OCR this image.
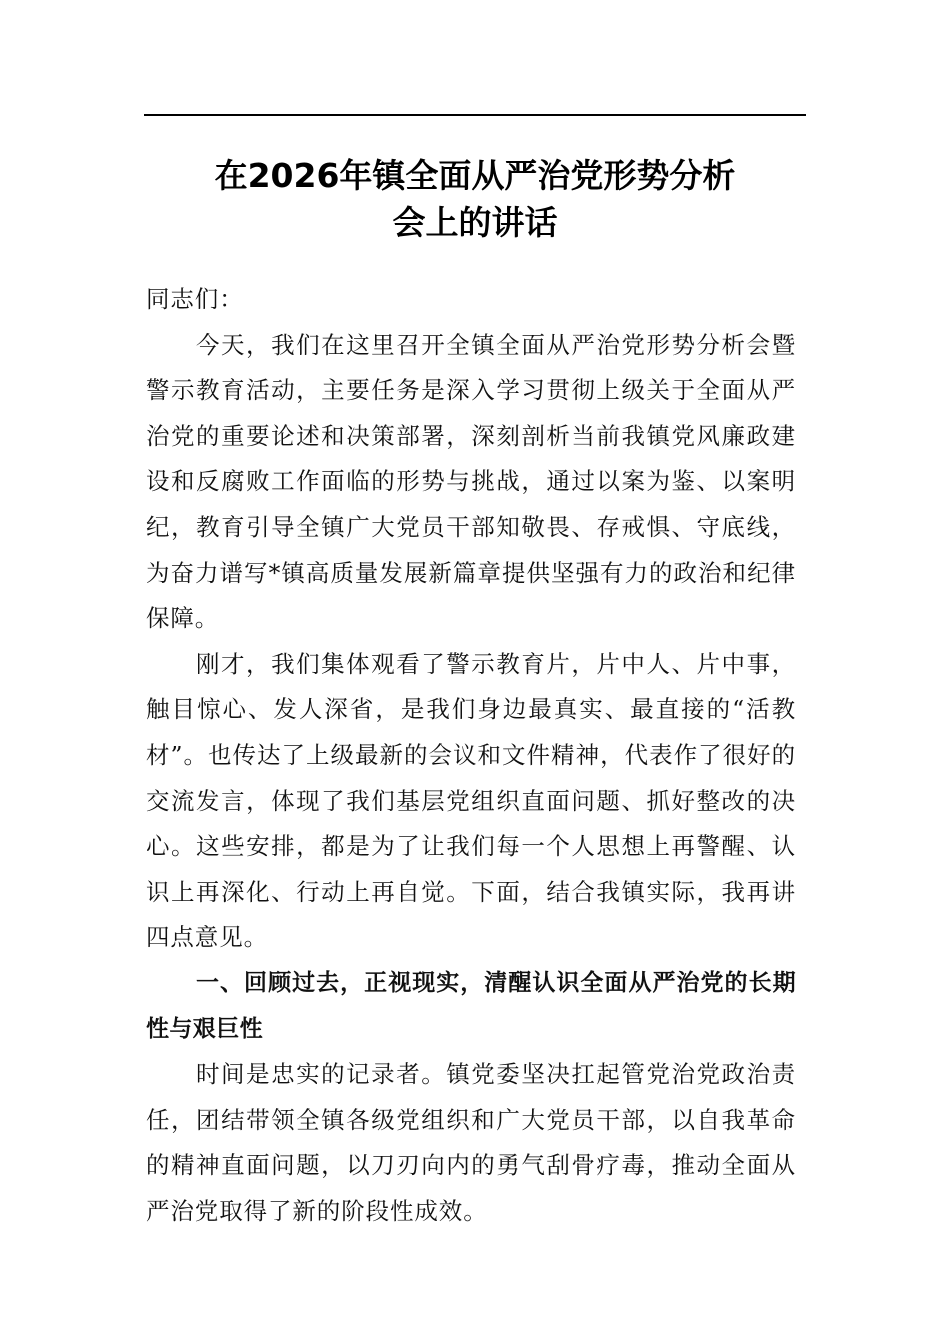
在2026年镇全面从严治党形势分析
会上的讲话

同志们：

今天，我们在这里召开全镇全面从严治党形势分析会暨警示教育活动，主要任务是深入学习贯彻上级关于全面从严治党的重要论述和决策部署，深刻剖析当前我镇党风廉政建设和反腐败工作面临的形势与挑战，通过以案为鉴、以案明纪，教育引导全镇广大党员干部知敬畏、存戒惧、守底线，为奋力谱写*镇高质量发展新篇章提供坚强有力的政治和纪律保障。

刚才，我们集体观看了警示教育片，片中人、片中事，触目惊心、发人深省，是我们身边最真实、最直接的“活教材”。也传达了上级最新的会议和文件精神，代表作了很好的交流发言，体现了我们基层党组织直面问题、抓好整改的决心。这些安排，都是为了让我们每一个人思想上再警醒、认识上再深化、行动上再自觉。下面，结合我镇实际，我再讲四点意见。

一、回顾过去，正视现实，清醒认识全面从严治党的长期性与艰巨性

时间是忠实的记录者。镇党委坚决扛起管党治党政治责任，团结带领全镇各级党组织和广大党员干部，以自我革命的精神直面问题，以刀刃向内的勇气刮骨疗毒，推动全面从严治党取得了新的阶段性成效。
